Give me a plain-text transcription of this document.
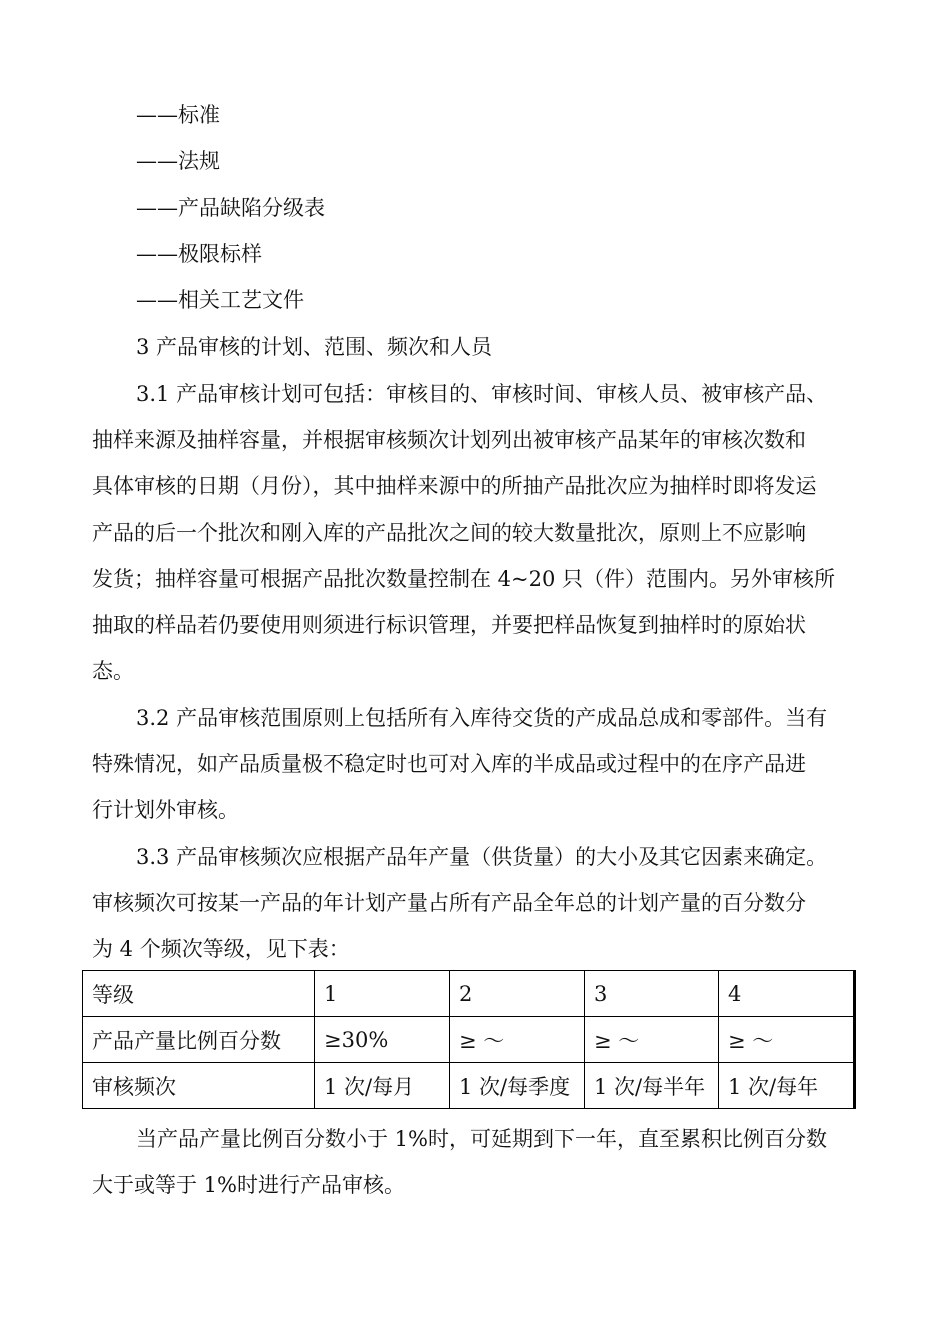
——标准
——法规
——产品缺陷分级表
——极限标样
——相关工艺文件
3 产品审核的计划、范围、频次和人员
3.1 产品审核计划可包括：审核目的、审核时间、审核人员、被审核产品、
抽样来源及抽样容量，并根据审核频次计划列出被审核产品某年的审核次数和
具体审核的日期（月份），其中抽样来源中的所抽产品批次应为抽样时即将发运
产品的后一个批次和刚入库的产品批次之间的较大数量批次，原则上不应影响
发货；抽样容量可根据产品批次数量控制在 4~20 只（件）范围内。另外审核所
抽取的样品若仍要使用则须进行标识管理，并要把样品恢复到抽样时的原始状
态。
3.2 产品审核范围原则上包括所有入库待交货的产成品总成和零部件。当有
特殊情况，如产品质量极不稳定时也可对入库的半成品或过程中的在序产品进
行计划外审核。
3.3 产品审核频次应根据产品年产量（供货量）的大小及其它因素来确定。
审核频次可按某一产品的年计划产量占所有产品全年总的计划产量的百分数分
为 4 个频次等级，见下表：
等级	1	2	3	4
产品产量比例百分数	≥30%	≥ ～	≥ ～	≥ ～
审核频次	1 次/每月	1 次/每季度	1 次/每半年	1 次/每年
当产品产量比例百分数小于 1%时，可延期到下一年，直至累积比例百分数
大于或等于 1%时进行产品审核。
